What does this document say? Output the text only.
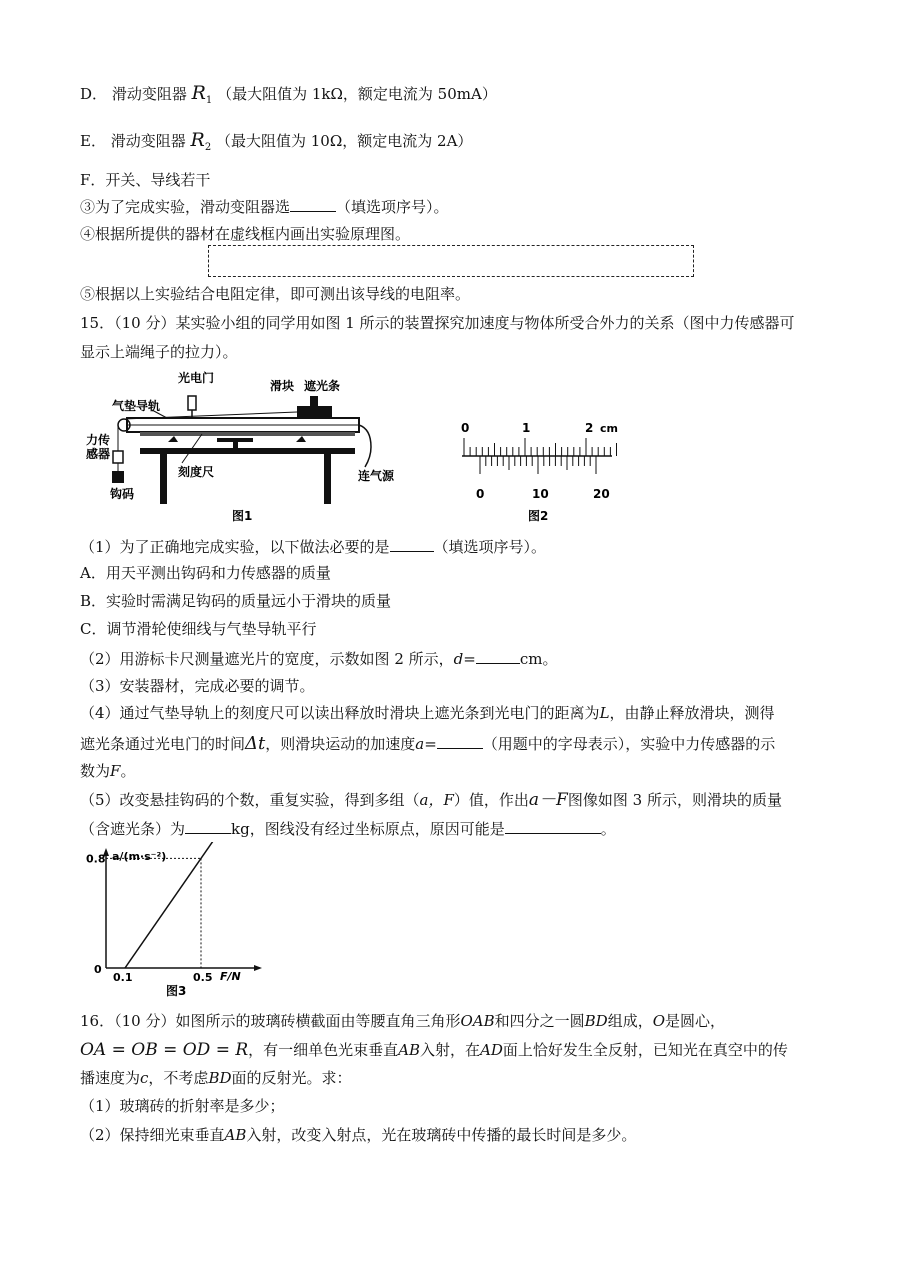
D． 滑动变阻器 $R_1$ （最大阻值为 1kΩ，额定电流为 50mA）
E． 滑动变阻器 $R_2$ （最大阻值为 10Ω，额定电流为 2A）
F．开关、导线若干
③为了完成实验，滑动变阻器选	（填选项序号）。
④根据所提供的器材在虚线框内画出实验原理图。
⑤根据以上实验结合电阻定律，即可测出该导线的电阻率。
15．（10 分）某实验小组的同学用如图 1 所示的装置探究加速度与物体所受合外力的关系（图中力传感器可
显示上端绳子的拉力）。
光电门
滑块 遮光条
气垫导轨
力传
感器
刻度尺	连气源
钩码
图1
0	1	2 cm
0	10	20
图2
（1）为了正确地完成实验，以下做法必要的是	（填选项序号）。
A．用天平测出钩码和力传感器的质量
B．实验时需满足钩码的质量远小于滑块的质量
C．调节滑轮使细线与气垫导轨平行
（2）用游标卡尺测量遮光片的宽度，示数如图 2 所示，d=	cm。
（3）安装器材，完成必要的调节。
（4）通过气垫导轨上的刻度尺可以读出释放时滑块上遮光条到光电门的距离为L，由静止释放滑块，测得
遮光条通过光电门的时间Δt，则滑块运动的加速度a=	（用题中的字母表示），实验中力传感器的示
数为F。
（5）改变悬挂钩码的个数，重复实验，得到多组（a，F）值，作出a－F图像如图 3 所示，则滑块的质量
（含遮光条）为	kg，图线没有经过坐标原点，原因可能是	。
a/(m·s⁻²)
0.8
0
0.1	0.5 F/N
图3
16．（10 分）如图所示的玻璃砖横截面由等腰直角三角形OAB和四分之一圆BD组成，O是圆心，
OA = OB = OD = R，有一细单色光束垂直AB入射，在AD面上恰好发生全反射，已知光在真空中的传
播速度为c，不考虑BD面的反射光。求：
（1）玻璃砖的折射率是多少；
（2）保持细光束垂直AB入射，改变入射点，光在玻璃砖中传播的最长时间是多少。
